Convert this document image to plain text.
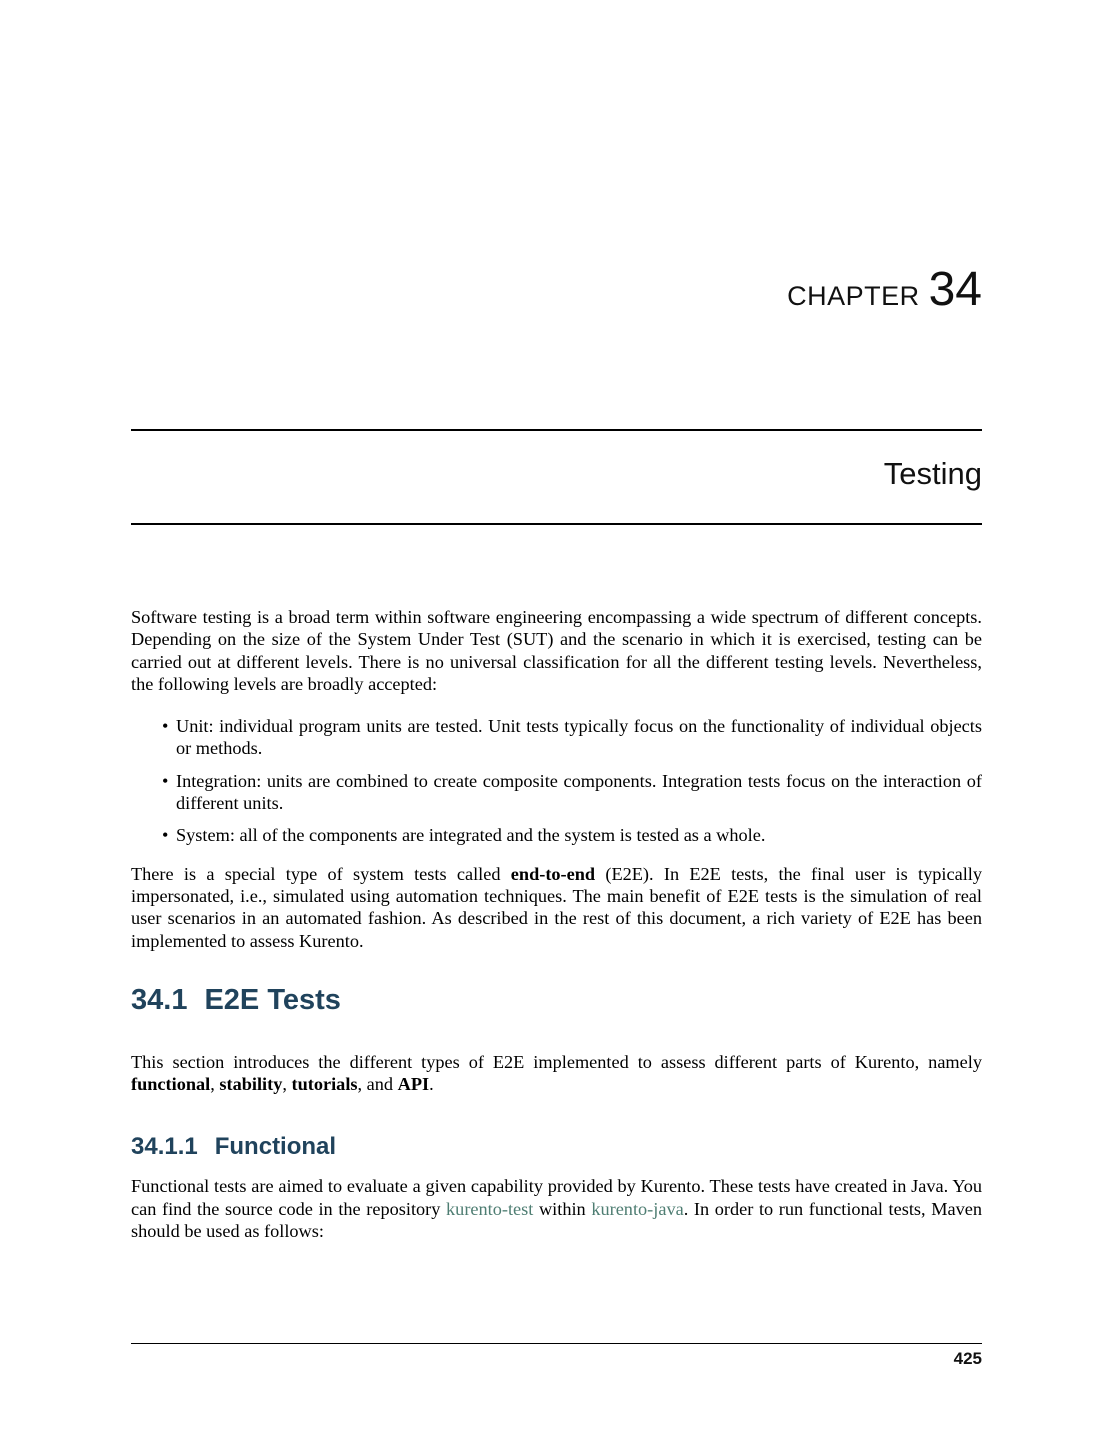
CHAPTER 34
Testing

Software testing is a broad term within software engineering encompassing a wide spectrum of different concepts. Depending on the size of the System Under Test (SUT) and the scenario in which it is exercised, testing can be carried out at different levels. There is no universal classification for all the different testing levels. Nevertheless, the following levels are broadly accepted:

• Unit: individual program units are tested. Unit tests typically focus on the functionality of individual objects or methods.
• Integration: units are combined to create composite components. Integration tests focus on the interaction of different units.
• System: all of the components are integrated and the system is tested as a whole.

There is a special type of system tests called end-to-end (E2E). In E2E tests, the final user is typically impersonated, i.e., simulated using automation techniques. The main benefit of E2E tests is the simulation of real user scenarios in an automated fashion. As described in the rest of this document, a rich variety of E2E has been implemented to assess Kurento.

34.1 E2E Tests

This section introduces the different types of E2E implemented to assess different parts of Kurento, namely functional, stability, tutorials, and API.

34.1.1 Functional

Functional tests are aimed to evaluate a given capability provided by Kurento. These tests have created in Java. You can find the source code in the repository kurento-test within kurento-java. In order to run functional tests, Maven should be used as follows:

425
